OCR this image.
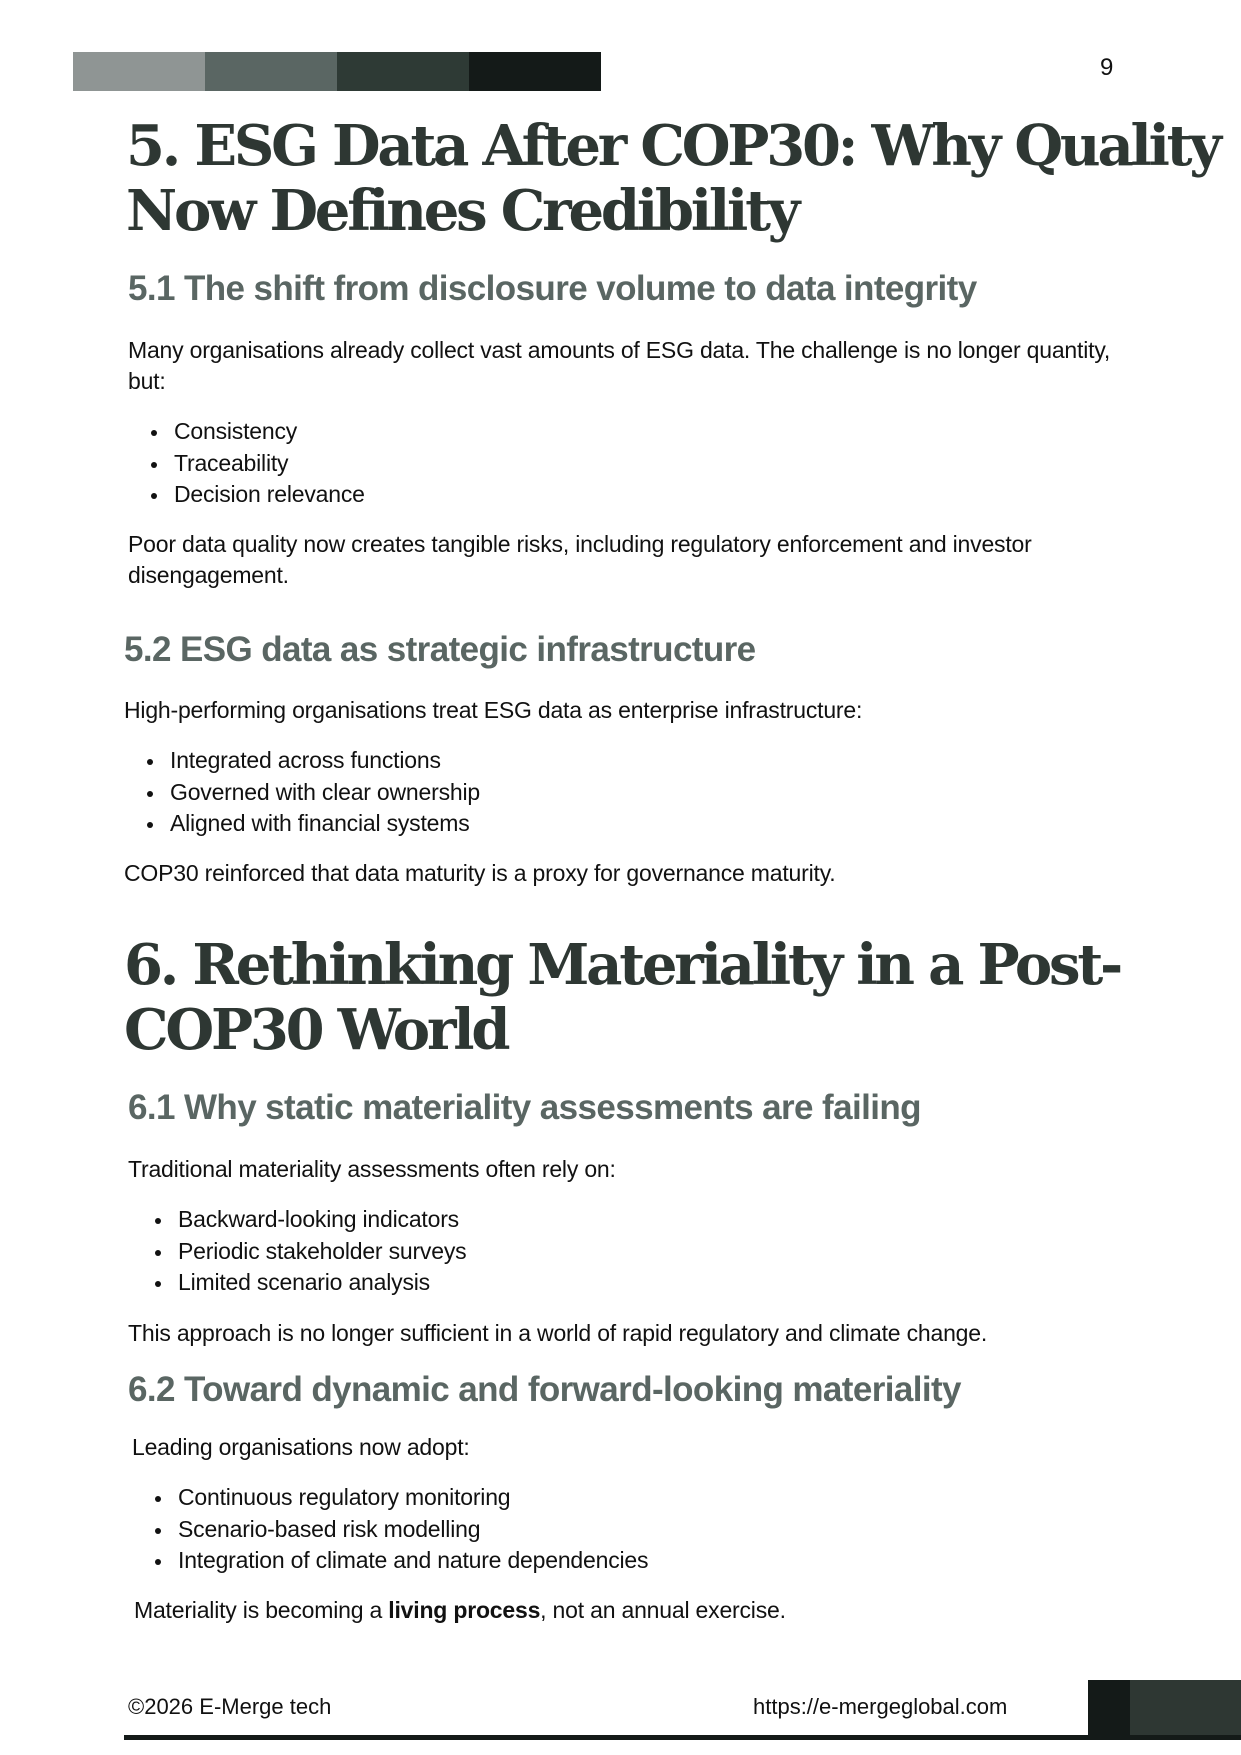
9
5. ESG Data After COP30: Why Quality
Now Defines Credibility
5.1 The shift from disclosure volume to data integrity

Many organisations already collect vast amounts of ESG data. The challenge is no longer quantity, but:

Consistency
Traceability
Decision relevance

Poor data quality now creates tangible risks, including regulatory enforcement and investor disengagement.

5.2 ESG data as strategic infrastructure

High-performing organisations treat ESG data as enterprise infrastructure:

Integrated across functions
Governed with clear ownership
Aligned with financial systems

COP30 reinforced that data maturity is a proxy for governance maturity.

6. Rethinking Materiality in a Post-
COP30 World
6.1 Why static materiality assessments are failing

Traditional materiality assessments often rely on:

Backward-looking indicators
Periodic stakeholder surveys
Limited scenario analysis

This approach is no longer sufficient in a world of rapid regulatory and climate change.

6.2 Toward dynamic and forward-looking materiality

Leading organisations now adopt:

Continuous regulatory monitoring
Scenario-based risk modelling
Integration of climate and nature dependencies

Materiality is becoming a living process, not an annual exercise.

©2026 E-Merge tech	https://e-mergeglobal.com
